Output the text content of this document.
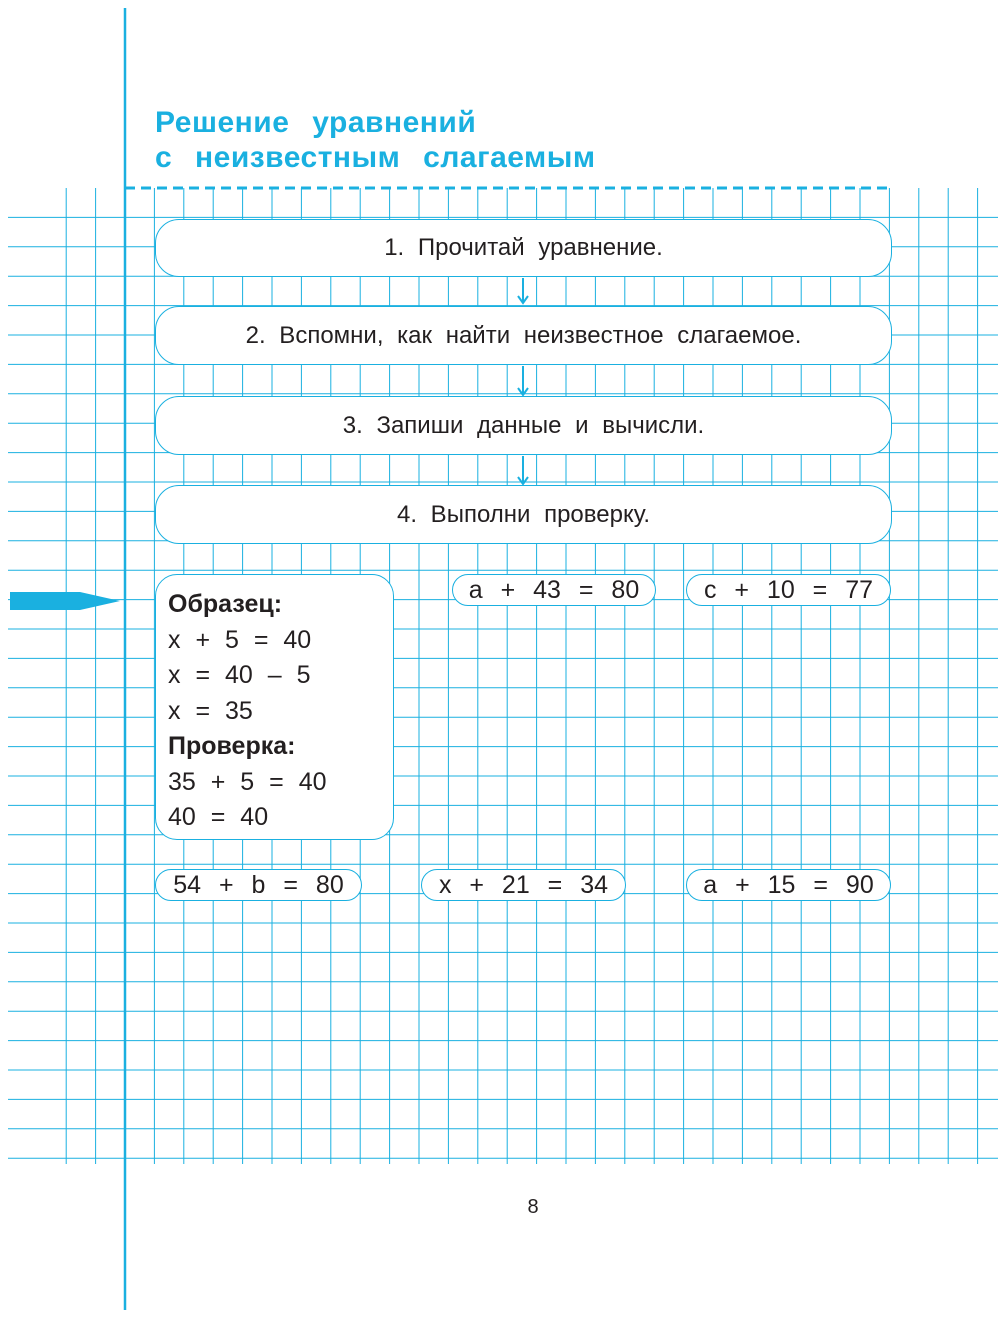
Решение уравнений
с неизвестным слагаемым
1. Прочитай уравнение.
2. Вспомни, как найти неизвестное слагаемое.
3. Запиши данные и вычисли.
4. Выполни проверку.
Образец:
x + 5 = 40
x = 40 – 5
x = 35
Проверка:
35 + 5 = 40
40 = 40
a + 43 = 80	c + 10 = 77
54 + b = 80	x + 21 = 34	a + 15 = 90
8
